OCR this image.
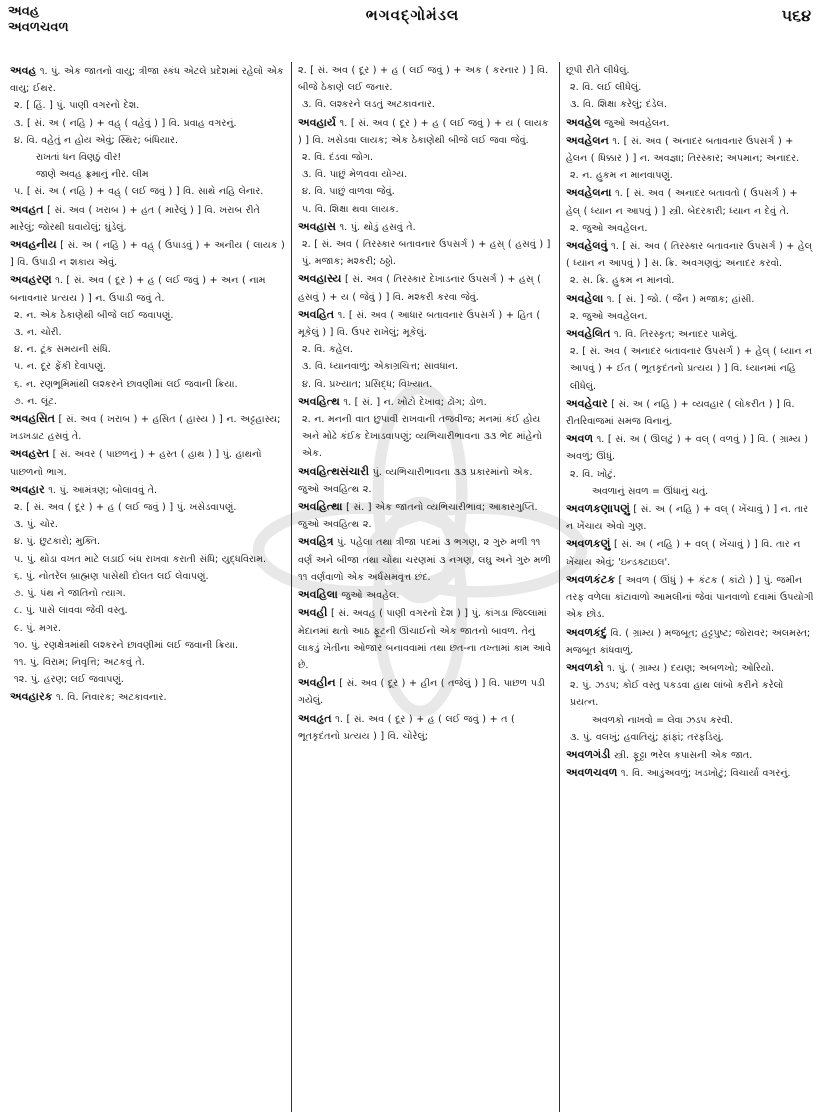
અવહ
અવળચવળ
ભગવદ્ગોમંડલ	૫૬૪

અવહ ૧. પું. એક જાતનો વાયુ; ત્રીજા સ્કંધ એટલે પ્રદેશમાં રહેલો એક વાયુ; ઈથર.

૨. [ હિં. ] પું. પાણી વગરનો દેશ.

૩. [ સં. અ ( નહિ ) + વહ્ ( વહેવું ) ] વિ. પ્રવાહ વગરનું.

૪. વિ. વહેતું ન હોય એવું; સ્થિર; બંધિયાર.

રાખતાં ધન વિણઠું વીર!

જાણે અવહ ફ્રમાનું નીર. લીમ

૫. [ સં. અ ( નહિ ) + વહ્ ( લઈ જવું ) ] વિ. સાથે નહિ લેનાર.

અવહત [ સં. અવ ( ખરાબ ) + હત ( મારેલું ) ] વિ. ખરાબ રીતે મારેલું; જોરથી ઘવાયેલું; ઘુંડેલું.

અવહનીય [ સં. અ ( નહિ ) + વહ્ ( ઉપાડવું ) + અનીય ( લાયક ) ] વિ. ઉપાડી ન શકાય એવું.

અવહરણ ૧. [ સં. અવ ( દૂર ) + હ ( લઈ જવું ) + અન ( નામ બનાવનાર પ્રત્યય ) ] ન. ઉપાડી જવું તે.

૨. ન. એક ઠેકાણેથી બીજે લઈ જવાપણું.

૩. ન. ચોરી.

૪. ન. ટૂંક સમયની સંધિ.

૫. ન. દૂર ફેંકી દેવાપણું.

૬. ન. રણભૂમિમાંથી લશ્કરને છાવણીમાં લઈ જવાની ક્રિયા.

૭. ન. લૂંટ.

અવહસિત [ સં. અવ ( ખરાબ ) + હસિત ( હાસ્ય ) ] ન. અટ્ટહાસ્ય; ખડખડાટ હસવું તે.

અવહસ્ત [ સં. અવર ( પાછળનું ) + હસ્ત ( હાથ ) ] પું. હાથનો પાછળનો ભાગ.

અવહાર ૧. પું. આમંત્રણ; બોલાવવું તે.

૨. [ સં. અવ ( દૂર ) + હ ( લઈ જવું ) ] પું. ખસેડવાપણું.

૩. પું. ચોર.

૪. પું. છુટકારો; મુક્તિ.

૫. પું. થોડા વખત માટે લડાઈ બંધ રાખવા કરાતી સંધિ; યુદ્ધવિરામ.

૬. પું. નોતરેલ બ્રાહ્મણ પાસેથી દોલત લઈ લેવાપણું.

૭. પું. પંથ ને જાતિનો ત્યાગ.

૮. પું. પાસે લાવવા જેવી વસ્તુ.

૯. પું. મગર.

૧૦. પું. રણક્ષેત્રમાંથી લશ્કરને છાવણીમાં લઈ જવાની ક્રિયા.

૧૧. પું. વિરામ; નિવૃત્તિ; અટકવું તે.

૧૨. પું. હરણ; લઈ જવાપણું.

અવહારક ૧. વિ. નિવારક; અટકાવનાર.

૨. [ સં. અવ ( દૂર ) + હ ( લઈ જવું ) + અક ( કરનાર ) ] વિ. બીજે ઠેકાણે લઈ જનાર.

૩. વિ. લશ્કરને લડતું અટકાવનાર.

અવહાર્ય ૧. [ સં. અવ ( દૂર ) + હ ( લઈ જવું ) + ય ( લાયક ) ] વિ. ખસેડવા લાયક; એક ઠેકાણેથી બીજે લઈ જવા જેવું.

૨. વિ. દંડવા જોગ.

૩. વિ. પાછું મેળવવા યોગ્ય.

૪. વિ. પાછું વાળવા જેવું.

૫. વિ. શિક્ષા થવા લાયક.

અવહાસ ૧. પું. થોડું હસવું તે.

૨. [ સં. અવ ( તિરસ્કાર બતાવનાર ઉપસર્ગ ) + હસ્ ( હસવું ) ] પું. મજાક; મશ્કરી; ઠઠ્ઠો.

અવહાસ્ય [ સં. અવ ( તિરસ્કાર દેખાડનાર ઉપસર્ગ ) + હસ્ ( હસવું ) + ય ( જેવું ) ] વિ. મશ્કરી કરવા જેવું.

અવહિત ૧. [ સં. અવ ( આધાર બતાવનાર ઉપસર્ગ ) + હિત ( મૂકેલું ) ] વિ. ઉપર રાખેલું; મૂકેલું.

૨. વિ. કહેલ.

૩. વિ. ધ્યાનવાળું; એકાગ્રચિત્ત; સાવધાન.

૪. વિ. પ્રખ્યાત; પ્રસિદ્ધ; વિખ્યાત.

અવહિત્થ ૧. [ સં. ] ન. ખોટો દેખાવ; ઢોંગ; ડોળ.

૨. ન. મનની વાત છુપાવી રાખવાની તજવીજ; મનમાં કંઈ હોય અને મોઢે કંઈક દેખાડવાપણું; વ્યભિચારીભાવના ૩૩ ભેદ માંહેનો એક.

અવહિત્થસંચારી પું. વ્યભિચારીભાવના ૩૩ પ્રકારમાંનો એક. જુઓ અવહિત્થ ૨.

અવહિત્થા [ સં. ] એક જાતનો વ્યભિચારીભાવ; આકારગુપ્તિ. જુઓ અવહિત્થ ૨.

અવહિત્ર પું. પહેલા તથા ત્રીજા પદમાં ૩ ભગણ, ૨ ગુરુ મળી ૧૧ વર્ણ અને બીજા તથા ચોથા ચરણમાં ૩ નગણ, લઘુ અને ગુરુ મળી ૧૧ વર્ણવાળો એક અર્ધસમવૃત્ત છંદ.

અવહિલા જુઓ અવહેલ.

અવહી [ સં. અવહ ( પાણી વગરનો દેશ ) ] પું. કાંગડા જિલ્લામાં મેદાનમાં થતો આઠ ફૂટની ઊંચાઈનો એક જાતનો બાવળ. તેનું લાકડું ખેતીના ઓજાર બનાવવામાં તથા છત-ના તખ્તામાં કામ આવે છે.

અવહીન [ સં. અવ ( દૂર ) + હીન ( તજેલું ) ] વિ. પાછળ પડી ગયેલું.

અવહૃત ૧. [ સં. અવ ( દૂર ) + હ ( લઈ જવું ) + ત ( ભૂતકૃદંતનો પ્રત્યય ) ] વિ. ચોરેલું;

છૂપી રીતે લીધેલું.

૨. વિ. લઈ લીધેલું.

૩. વિ. શિક્ષા કરેલું; દંડેલ.

અવહેલ જુઓ અવહેલન.

અવહેલન ૧. [ સં. અવ ( અનાદર બતાવનાર ઉપસર્ગ ) + હેલન ( ધિક્કાર ) ] ન. અવજ્ઞા; તિરસ્કાર; અપમાન; અનાદર.

૨. ન. હુકમ ન માનવાપણું.

અવહેલના ૧. [ સં. અવ ( અનાદર બતાવતો ( ઉપસર્ગ ) + હેલ્ ( ધ્યાન ન આપવું ) ] સ્ત્રી. બેદરકારી; ધ્યાન ન દેવું તે.

૨. જુઓ અવહેલન.

અવહેલવું ૧. [ સં. અવ ( તિરસ્કાર બતાવનાર ઉપસર્ગ ) + હેલ્ ( ધ્યાન ન આપવું ) ] સ. ક્રિ. અવગણવું; અનાદર કરવો.

૨. સ. ક્રિ. હુકમ ન માનવો.

અવહેલા ૧. [ સં. ] જો. ( જૈન ) મજાક; હાંસી.

૨. જુઓ અવહેલન.

અવહેલિત ૧. વિ. તિરસ્કૃત; અનાદર પામેલું.

૨. [ સં. અવ ( અનાદર બતાવનાર ઉપસર્ગ ) + હેલ્ ( ધ્યાન ન આપવું ) + ઈત ( ભૂતકૃદંતનો પ્રત્યય ) ] વિ. ધ્યાનમાં નહિ લીધેલું.

અવહેવાર [ સં. અ ( નહિ ) + વ્યવહાર ( લોકરીત ) ] વિ. રીતરિવાજમાં સમજ વિનાનું.

અવળ ૧. [ સં. અ ( ઊલટું ) + વલ્ ( વળવું ) ] વિ. ( ગ્રામ્ય ) અવળું; ઊંધું.

૨. વિ. ખોટું.

અવળાનું સવળ = ઊંધાનું ચતું.

અવળકણાપણું [ સં. અ ( નહિ ) + વલ્ ( ખેંચાવું ) ] ન. તાર ન ખેંચાય એવો ગુણ.

અવળકણું [ સં. અ ( નહિ ) + વલ્ ( ખેંચાવું ) ] વિ. તાર ન ખેંચાય એવું; 'ઇન્ડક્ટાઇલ'.

અવળકંટક [ અવળ ( ઊંધું ) + કંટક ( કાંટો ) ] પું. જમીન તરફ વળેલા કાંટાવાળો આમલીનાં જેવાં પાનવાળો દવામાં ઉપયોગી એક છોડ.

અવળકંદું વિ. ( ગ્રામ્ય ) મજબૂત; હટ્ટપુષ્ટ; જોરાવર; અલમસ્ત; મજબૂત કાંધવાળું.

અવળકો ૧. પું. ( ગ્રામ્ય ) દયણ; અબળખો; ઓરિયો.

૨. પું. ઝડપ; કોઈ વસ્તુ પકડવા હાથ લાંબો કરીને કરેલો પ્રયત્ન.

અવળકો નાખવો = લેવા ઝડપ કરવી.

૩. પું. વલખું; હવાતિયું; ફાંફાં; તરફડિયું.

અવળગંડી સ્ત્રી. ફૂટ્ટા ભરેલ કપાસની એક જાત.

અવળચવળ ૧. વિ. આડુંઅવળું; ખડખોટું; વિચાર્યા વગરનું.
